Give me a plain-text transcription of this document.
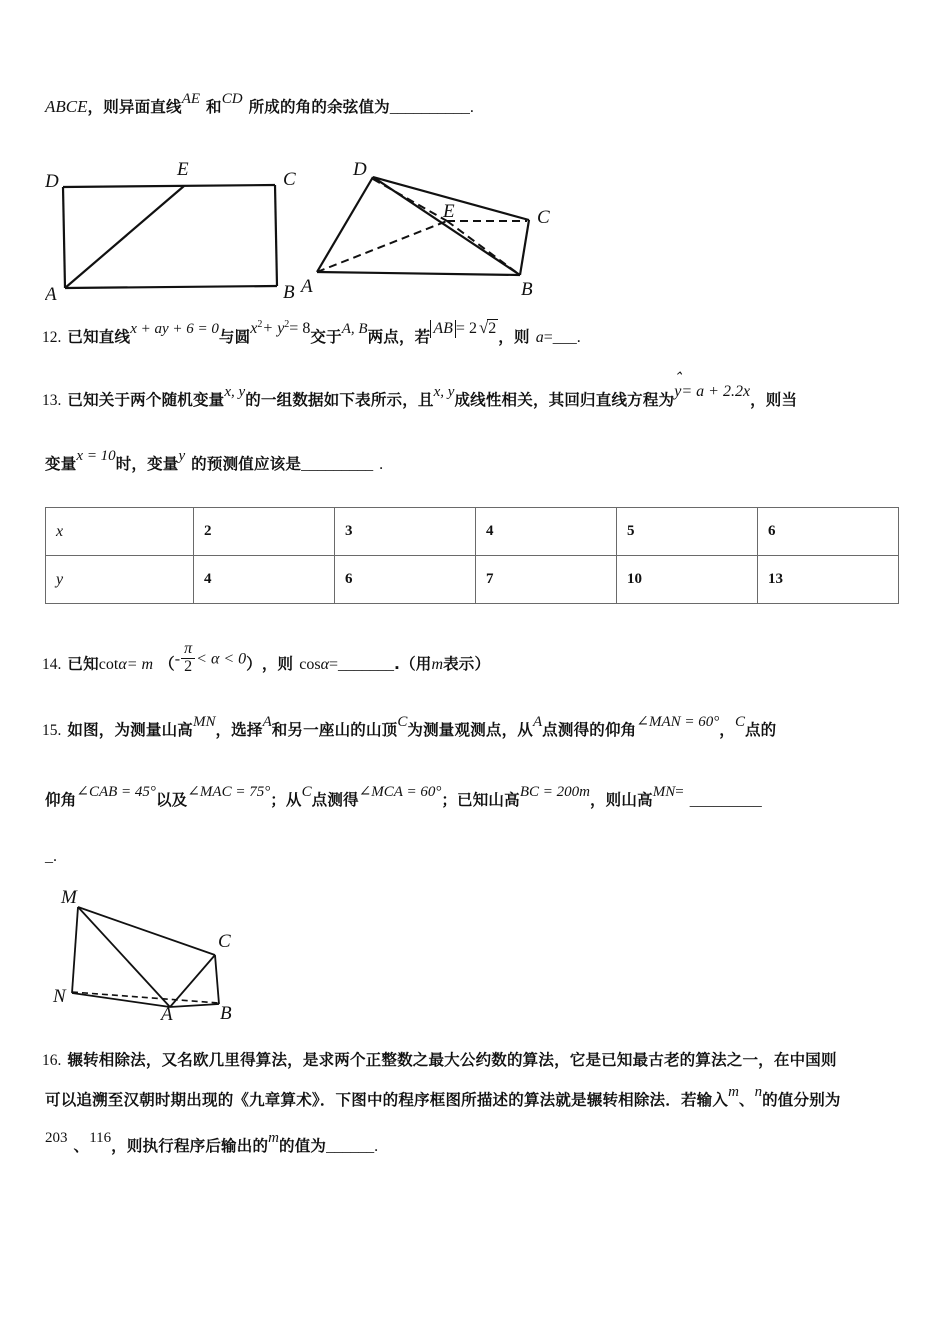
ABCE ，则异面直线 AE 和 CD 所成的角的余弦值为 __________ .
D
E	C
A	B
D
E	C
A	B
12. 已知直线 x + ay + 6 = 0 与圆 $x^2+ y^2= 8$ 交于 A, B 两点，若 AB = 2 √2 ，则 a = ___ .
13. 已知关于两个随机变量 x, y 的一组数据如下表所示，且 x, y 成线性相关，其回归直线方程为 ⌃ y= a + 2.2x ，则当
变量 x = 10 时，变量 y 的预测值应该是 _________ .
x	2	3	4	5	6
y	4	6	7	10	13
14. 已知 cot α = m （ - $\frac{\pi}{2} < \alpha < 0$ ） ，则 cos α = _______ .（用 m 表示）
15. 如图，为测量山高 MN ，选择 A 和另一座山的山顶 C 为测量观测点，从 A 点测得的仰角 ∠MAN = 60° ， C 点的
仰角 ∠CAB = 45° 以及 ∠MAC = 75° ；从 C 点测得 ∠MCA = 60° ；已知山高 BC = 200m ，则山高 MN = _________
_ .
M
N
C
A B
16. 辗转相除法，又名欧几里得算法，是求两个正整数之最大公约数的算法，它是已知最古老的算法之一，在中国则
可以追溯至汉朝时期出现的《九章算术》．下图中的程序框图所描述的算法就是辗转相除法．若输入 m 、 n 的值分别为
203 、 116 ，则执行程序后输出的 m 的值为 ______ .
